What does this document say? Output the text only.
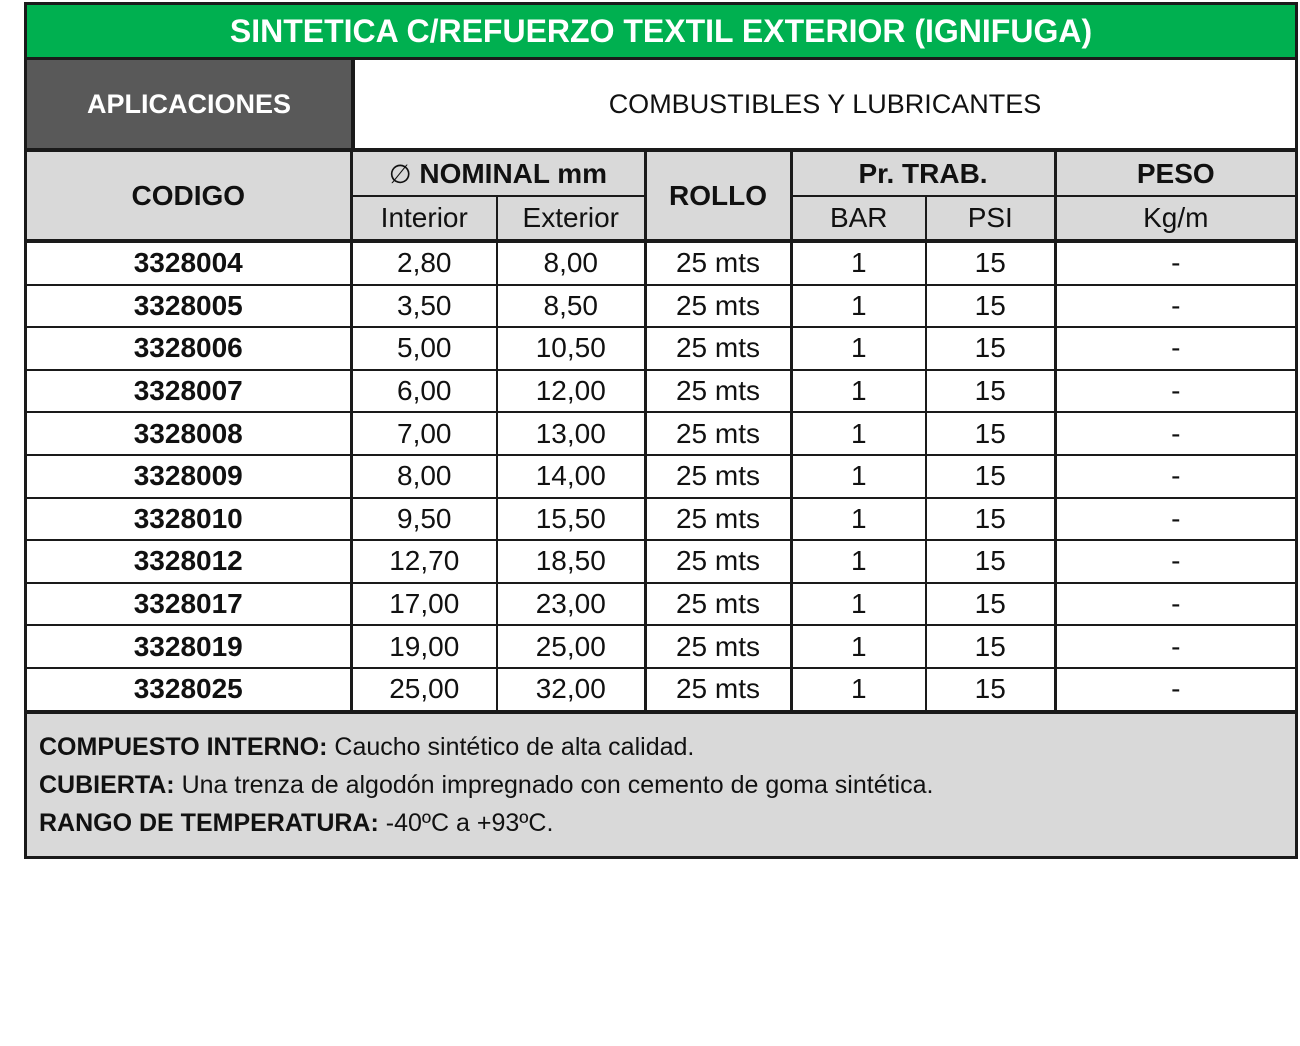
SINTETICA C/REFUERZO TEXTIL EXTERIOR (IGNIFUGA)
APLICACIONES	COMBUSTIBLES Y LUBRICANTES
CODIGO	∅ NOMINAL mm		ROLLO	Pr. TRAB.		PESO
	Interior	Exterior		BAR	PSI	Kg/m
3328004	2,80	8,00	25 mts	1	15	-
3328005	3,50	8,50	25 mts	1	15	-
3328006	5,00	10,50	25 mts	1	15	-
3328007	6,00	12,00	25 mts	1	15	-
3328008	7,00	13,00	25 mts	1	15	-
3328009	8,00	14,00	25 mts	1	15	-
3328010	9,50	15,50	25 mts	1	15	-
3328012	12,70	18,50	25 mts	1	15	-
3328017	17,00	23,00	25 mts	1	15	-
3328019	19,00	25,00	25 mts	1	15	-
3328025	25,00	32,00	25 mts	1	15	-
COMPUESTO INTERNO: Caucho sintético de alta calidad.
CUBIERTA: Una trenza de algodón impregnado con cemento de goma sintética.
RANGO DE TEMPERATURA: -40ºC a +93ºC.
